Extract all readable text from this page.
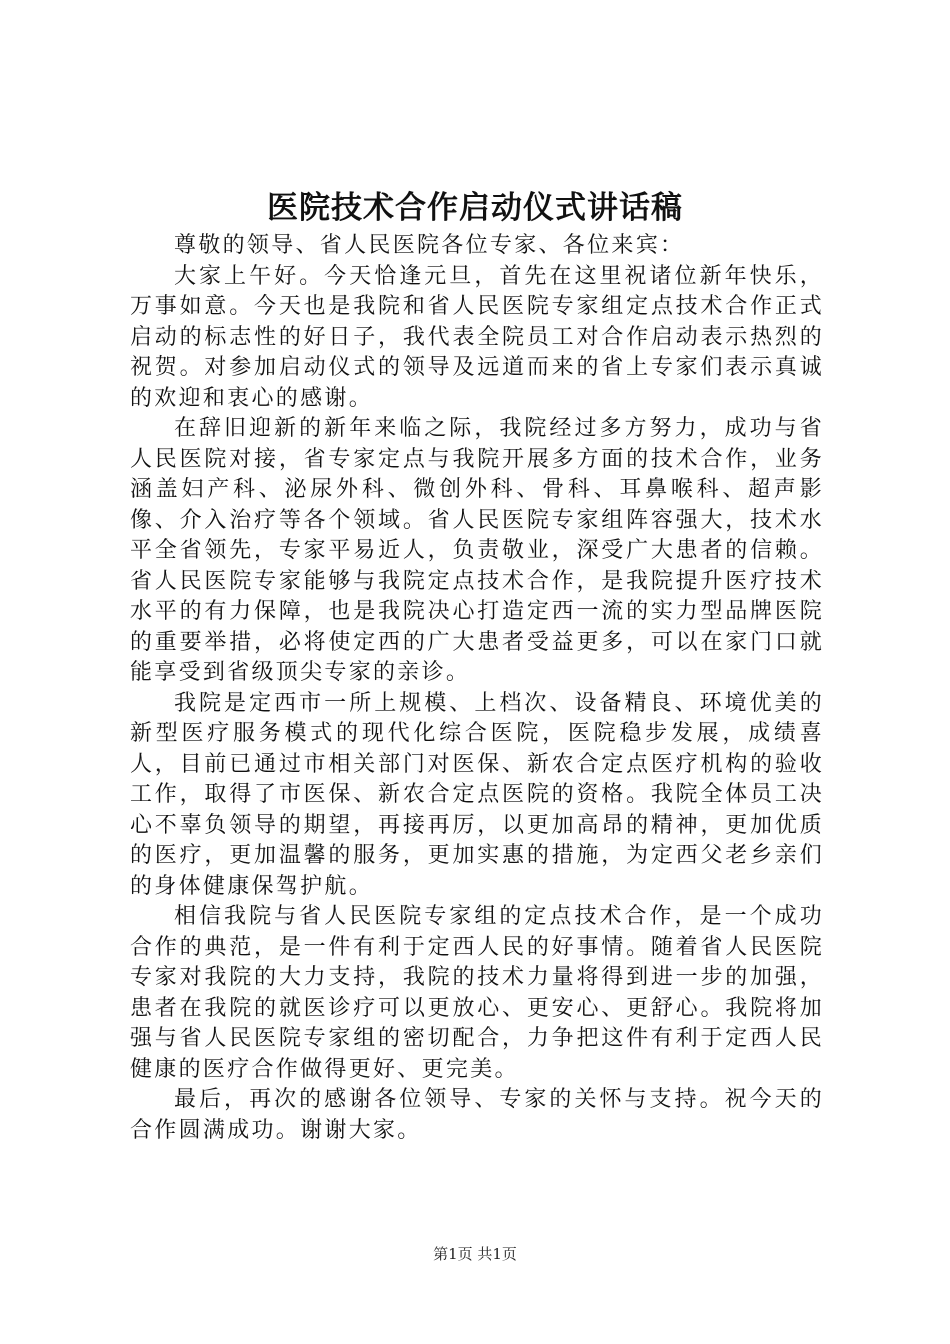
医院技术合作启动仪式讲话稿

尊敬的领导、省人民医院各位专家、各位来宾：

大家上午好。今天恰逢元旦，首先在这里祝诸位新年快乐，万事如意。今天也是我院和省人民医院专家组定点技术合作正式启动的标志性的好日子，我代表全院员工对合作启动表示热烈的祝贺。对参加启动仪式的领导及远道而来的省上专家们表示真诚的欢迎和衷心的感谢。

在辞旧迎新的新年来临之际，我院经过多方努力，成功与省人民医院对接，省专家定点与我院开展多方面的技术合作，业务涵盖妇产科、泌尿外科、微创外科、骨科、耳鼻喉科、超声影像、介入治疗等各个领域。省人民医院专家组阵容强大，技术水平全省领先，专家平易近人，负责敬业，深受广大患者的信赖。省人民医院专家能够与我院定点技术合作，是我院提升医疗技术水平的有力保障，也是我院决心打造定西一流的实力型品牌医院的重要举措，必将使定西的广大患者受益更多，可以在家门口就能享受到省级顶尖专家的亲诊。

我院是定西市一所上规模、上档次、设备精良、环境优美的新型医疗服务模式的现代化综合医院，医院稳步发展，成绩喜人，目前已通过市相关部门对医保、新农合定点医疗机构的验收工作，取得了市医保、新农合定点医院的资格。我院全体员工决心不辜负领导的期望，再接再厉，以更加高昂的精神，更加优质的医疗，更加温馨的服务，更加实惠的措施，为定西父老乡亲们的身体健康保驾护航。

相信我院与省人民医院专家组的定点技术合作，是一个成功合作的典范，是一件有利于定西人民的好事情。随着省人民医院专家对我院的大力支持，我院的技术力量将得到进一步的加强，患者在我院的就医诊疗可以更放心、更安心、更舒心。我院将加强与省人民医院专家组的密切配合，力争把这件有利于定西人民健康的医疗合作做得更好、更完美。

最后，再次的感谢各位领导、专家的关怀与支持。祝今天的合作圆满成功。谢谢大家。

第1页 共1页
